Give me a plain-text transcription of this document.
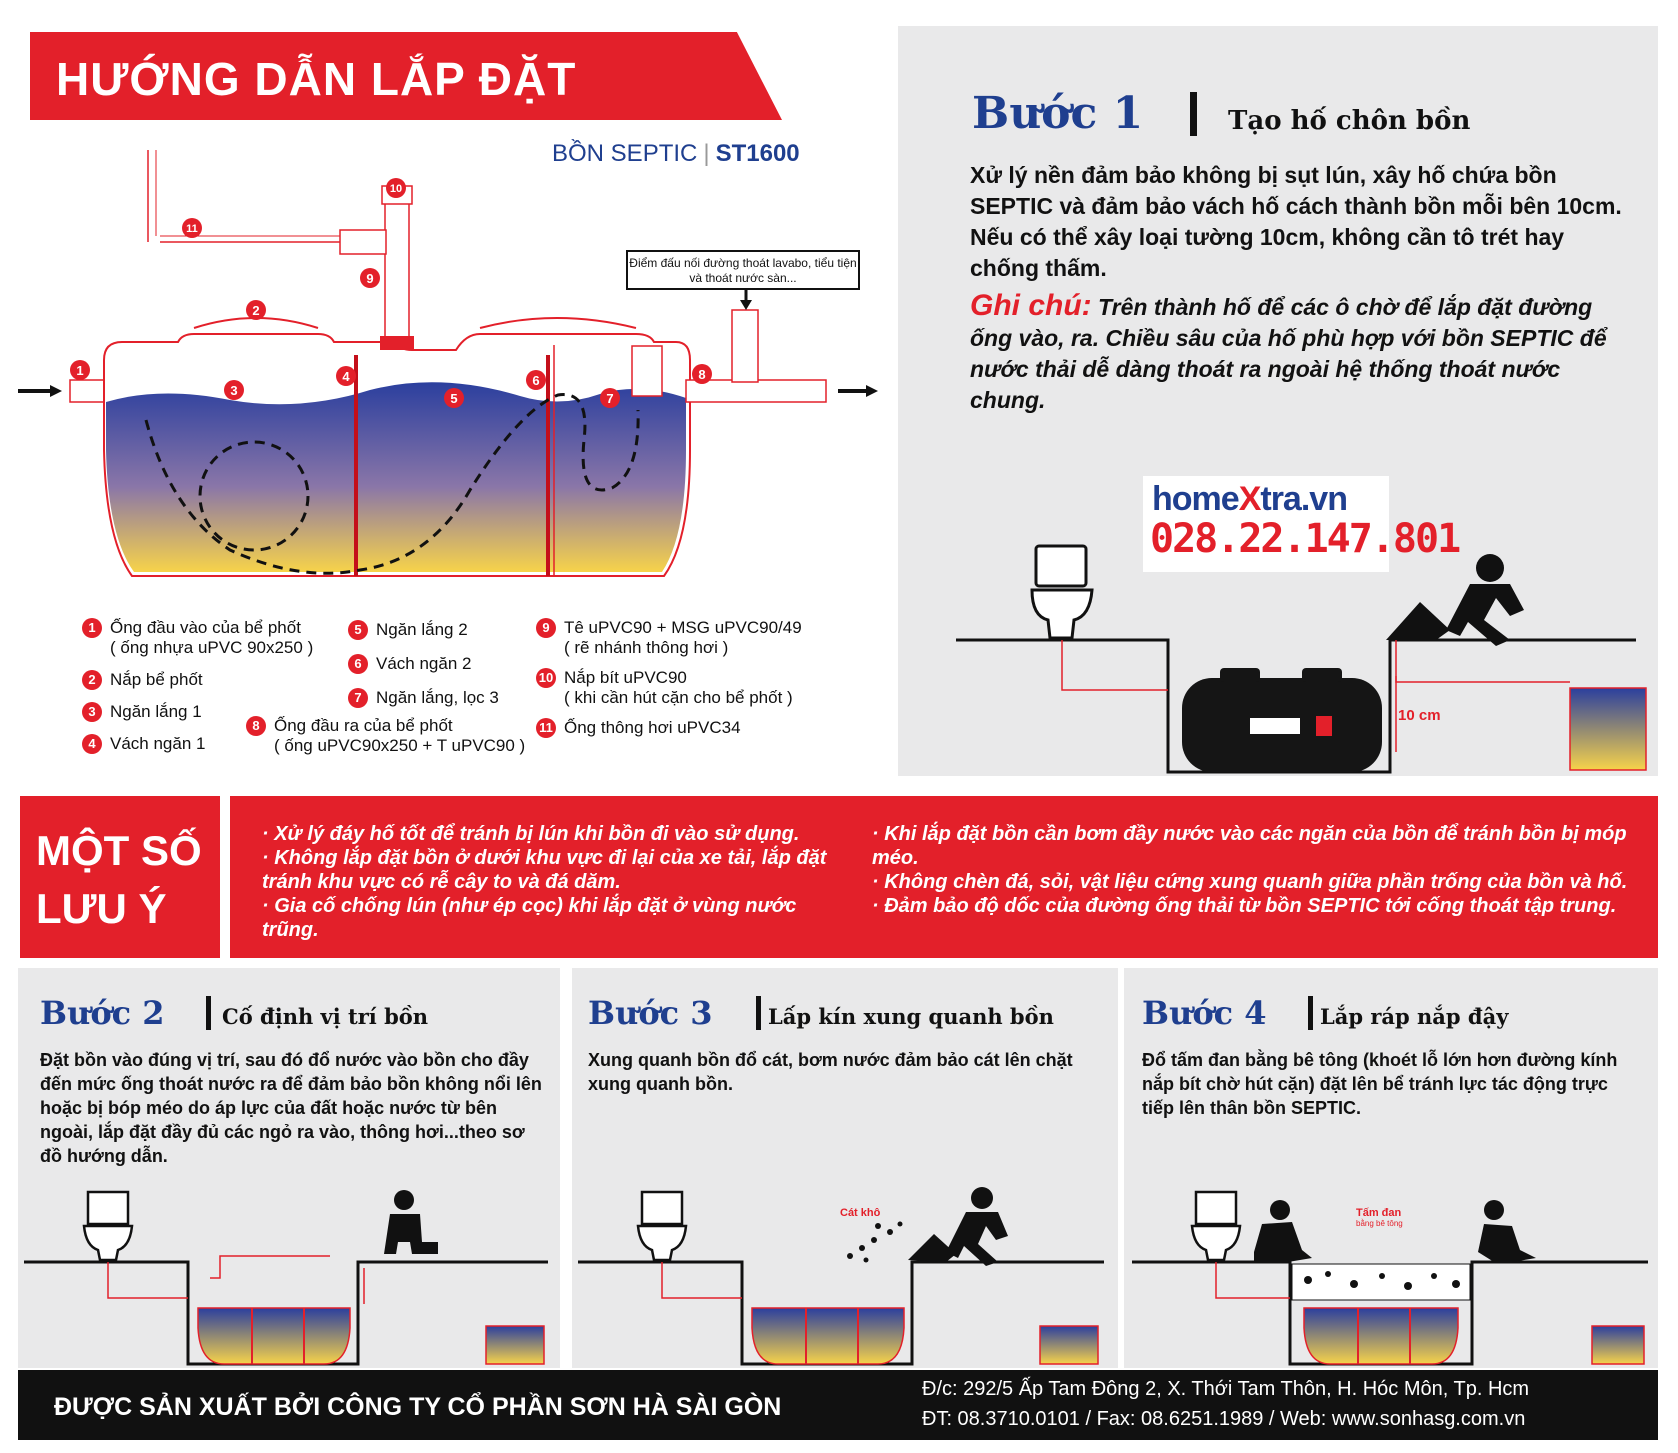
HƯỚNG DẪN LẮP ĐẶT
BỒN SEPTIC | ST1600
1
2
3
4
5
6
7
8
9
10
11
Điểm đấu nối đường thoát lavabo, tiểu tiện và thoát nước sàn...
1 Ống đầu vào của bể phốt
( ống nhựa uPVC 90x250 )
2 Nắp bể phốt
3 Ngăn lắng 1
4 Vách ngăn 1
5 Ngăn lắng 2
6 Vách ngăn 2
7 Ngăn lắng, lọc 3
8 Ống đầu ra của bể phốt
( ống uPVC90x250 + T uPVC90 )
9 Tê uPVC90 + MSG uPVC90/49
( rẽ nhánh thông hơi )
10 Nắp bít uPVC90
( khi cần hút cặn cho bể phốt )
11 Ống thông hơi uPVC34
Bước 1	Tạo hố chôn bồn
Xử lý nền đảm bảo không bị sụt lún, xây hố chứa bồn SEPTIC và đảm bảo vách hố cách thành bồn mỗi bên 10cm. Nếu có thể xây loại tường 10cm, không cần tô trét hay chống thấm.
Ghi chú: Trên thành hố để các ô chờ để lắp đặt đường ống vào, ra. Chiều sâu của hố phù hợp với bồn SEPTIC để nước thải dễ dàng thoát ra ngoài hệ thống thoát nước chung.
homeXtra.vn
028.22.147.801
10 cm
MỘT SỐ
LƯU Ý
· Xử lý đáy hố tốt để tránh bị lún khi bồn đi vào sử dụng.
· Không lắp đặt bồn ở dưới khu vực đi lại của xe tải, lắp đặt tránh khu vực có rễ cây to và đá dăm.
· Gia cố chống lún (như ép cọc) khi lắp đặt ở vùng nước trũng.
· Khi lắp đặt bồn cần bơm đầy nước vào các ngăn của bồn để tránh bồn bị móp méo.
· Không chèn đá, sỏi, vật liệu cứng xung quanh giữa phần trống của bồn và hố.
· Đảm bảo độ dốc của đường ống thải từ bồn SEPTIC tới cống thoát tập trung.
Bước 2	Cố định vị trí bồn
Đặt bồn vào đúng vị trí, sau đó đổ nước vào bồn cho đầy đến mức ống thoát nước ra để đảm bảo bồn không nổi lên hoặc bị bóp méo do áp lực của đất hoặc nước từ bên ngoài, lắp đặt đầy đủ các ngỏ ra vào, thông hơi...theo sơ đồ hướng dẫn.
Bước 3	Lấp kín xung quanh bồn
Xung quanh bồn đổ cát, bơm nước đảm bảo cát lên chặt xung quanh bồn.
Bước 4	Lắp ráp nắp đậy
Đổ tấm đan bằng bê tông (khoét lỗ lớn hơn đường kính nắp bít chờ hút cặn) đặt lên bể tránh lực tác động trực tiếp lên thân bồn SEPTIC.
Cát khô	Tấm đan
bằng bê tông
ĐƯỢC SẢN XUẤT BỞI CÔNG TY CỔ PHẦN SƠN HÀ SÀI GÒN
Đ/c: 292/5 Ấp Tam Đông 2, X. Thới Tam Thôn, H. Hóc Môn, Tp. Hcm
ĐT: 08.3710.0101 / Fax: 08.6251.1989 / Web: www.sonhasg.com.vn
